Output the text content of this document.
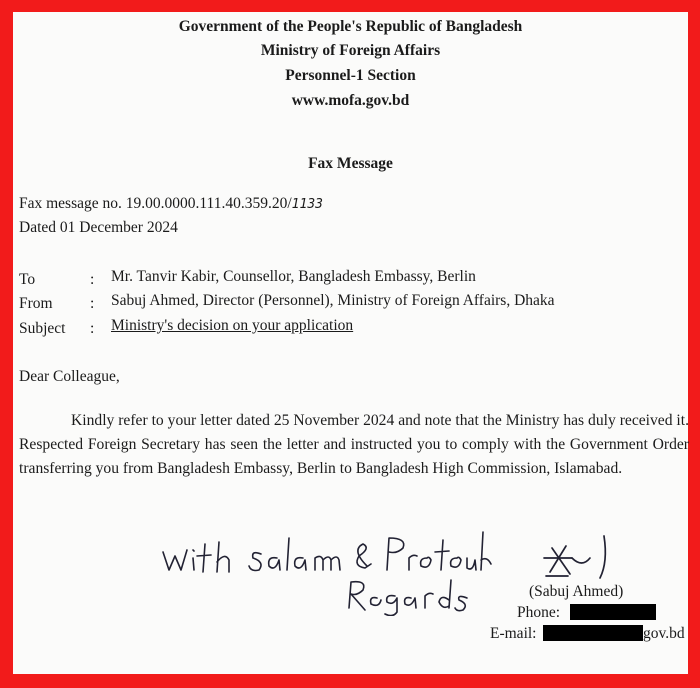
Government of the People's Republic of Bangladesh
Ministry of Foreign Affairs
Personnel-1 Section
www.mofa.gov.bd
Fax Message
Fax message no. 19.00.0000.111.40.359.20/1133
Dated 01 December 2024
To	: Mr. Tanvir Kabir, Counsellor, Bangladesh Embassy, Berlin
From : Sabuj Ahmed, Director (Personnel), Ministry of Foreign Affairs, Dhaka
Subject : Ministry's decision on your application
Dear Colleague,
Kindly refer to your letter dated 25 November 2024 and note that the Ministry has duly received it. Respected Foreign Secretary has seen the letter and instructed you to comply with the Government Order transferring you from Bangladesh Embassy, Berlin to Bangladesh High Commission, Islamabad.
(Sabuj Ahmed)
Phone:
E-mail:	gov.bd
